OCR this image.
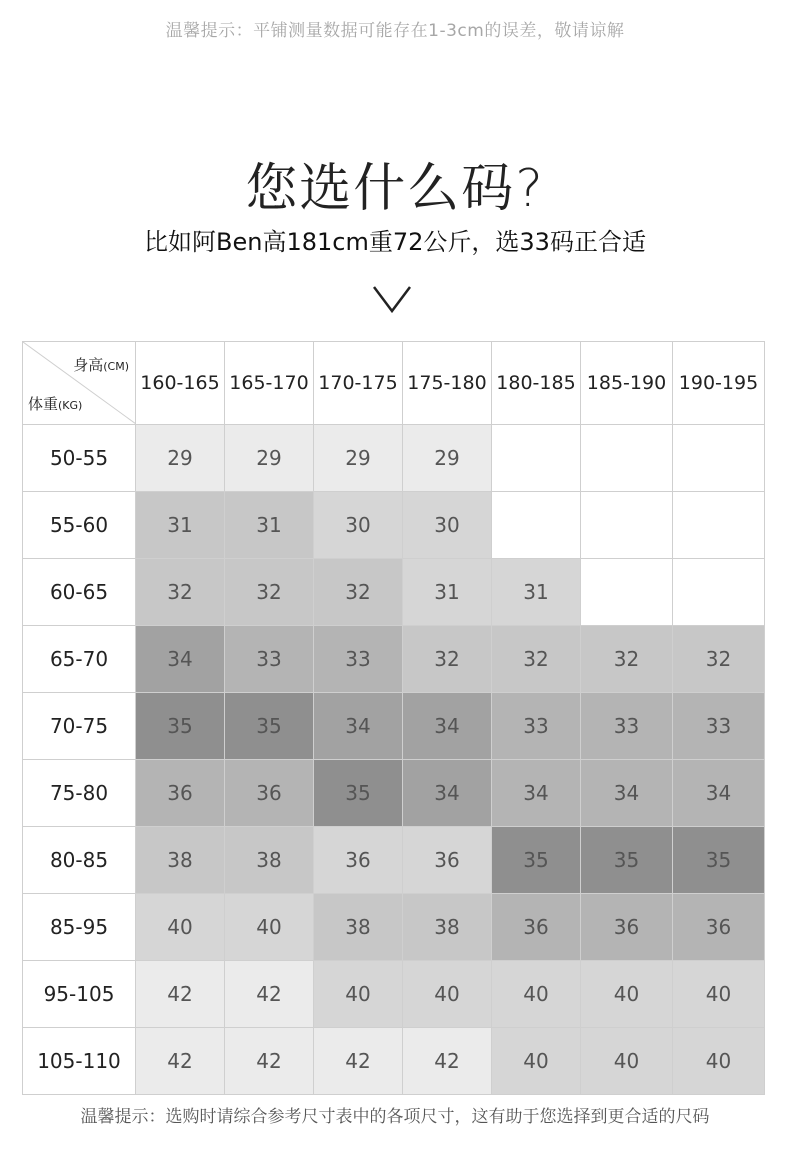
温馨提示：平铺测量数据可能存在1-3cm的误差，敬请谅解
您选什么码?
比如阿Ben高181cm重72公斤，选33码正合适
身高(CM)
体重(KG)	160-165	165-170	170-175	175-180	180-185	185-190	190-195
50-55	29	29	29	29			
55-60	31	31	30	30			
60-65	32	32	32	31	31		
65-70	34	33	33	32	32	32	32
70-75	35	35	34	34	33	33	33
75-80	36	36	35	34	34	34	34
80-85	38	38	36	36	35	35	35
85-95	40	40	38	38	36	36	36
95-105	42	42	40	40	40	40	40
105-110	42	42	42	42	40	40	40
温馨提示：选购时请综合参考尺寸表中的各项尺寸，这有助于您选择到更合适的尺码
